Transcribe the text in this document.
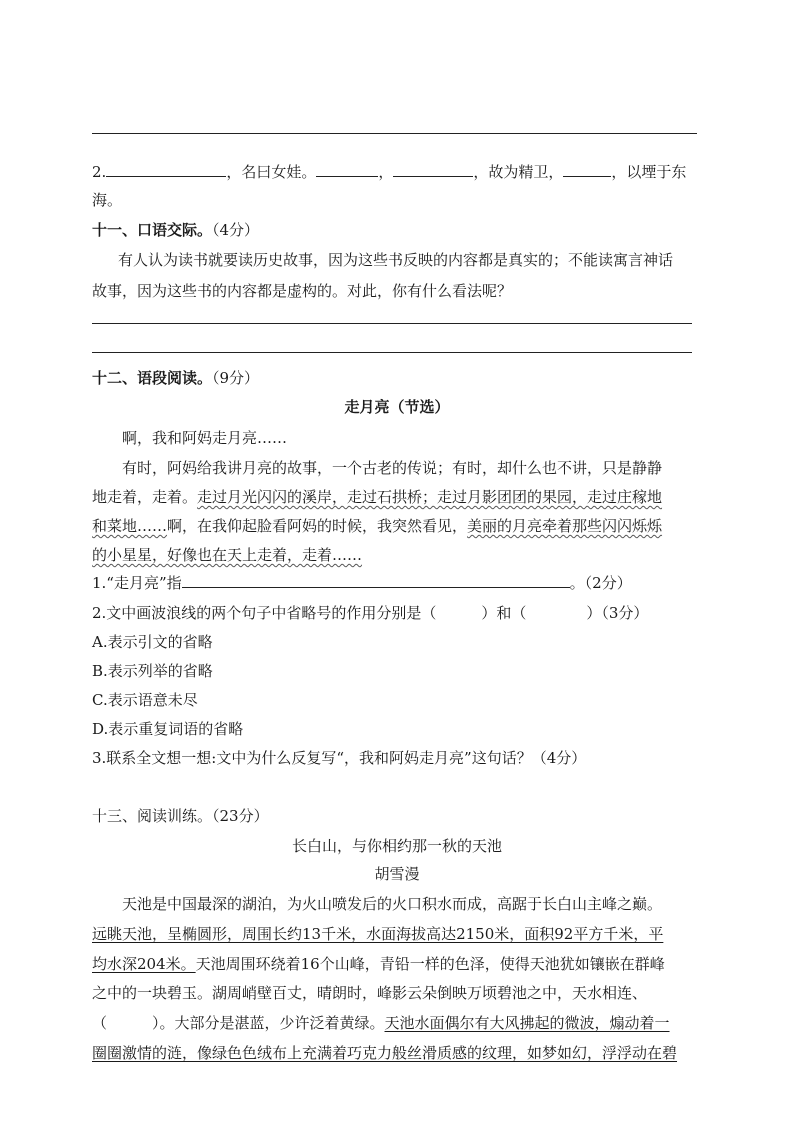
2.	，名曰女娃。	，	，故为精卫，	，以堙于东
海。
十一、口语交际。（4分）
有人认为读书就要读历史故事，因为这些书反映的内容都是真实的；不能读寓言神话
故事，因为这些书的内容都是虚构的。对此，你有什么看法呢？
十二、语段阅读。（9分）
走月亮（节选）
啊，我和阿妈走月亮……
有时，阿妈给我讲月亮的故事，一个古老的传说；有时，却什么也不讲，只是静静
地走着，走着。走过月光闪闪的溪岸，走过石拱桥；走过月影团团的果园，走过庄稼地
和菜地……啊，在我仰起脸看阿妈的时候，我突然看见，美丽的月亮牵着那些闪闪烁烁
的小星星，好像也在天上走着，走着……
1.“走月亮”指	。（2分）
2.文中画波浪线的两个句子中省略号的作用分别是（　　　）和（　　　　）（3分）
A.表示引文的省略
B.表示列举的省略
C.表示语意未尽
D.表示重复词语的省略
3.联系全文想一想:文中为什么反复写“，我和阿妈走月亮”这句话？（4分）
十三、阅读训练。（23分）
长白山，与你相约那一秋的天池
胡雪漫
天池是中国最深的湖泊，为火山喷发后的火口积水而成，高踞于长白山主峰之巅。
远眺天池，呈椭圆形，周围长约13千米，水面海拔高达2150米，面积92平方千米，平
均水深204米。天池周围环绕着16个山峰，青铅一样的色泽，使得天池犹如镶嵌在群峰
之中的一块碧玉。湖周峭壁百丈，晴朗时，峰影云朵倒映万顷碧池之中，天水相连、
（　　　）。大部分是湛蓝，少许泛着黄绿。天池水面偶尔有大风拂起的微波，煽动着一
圈圈激情的涟，像绿色色绒布上充满着巧克力般丝滑质感的纹理，如梦如幻，浮浮动在碧
